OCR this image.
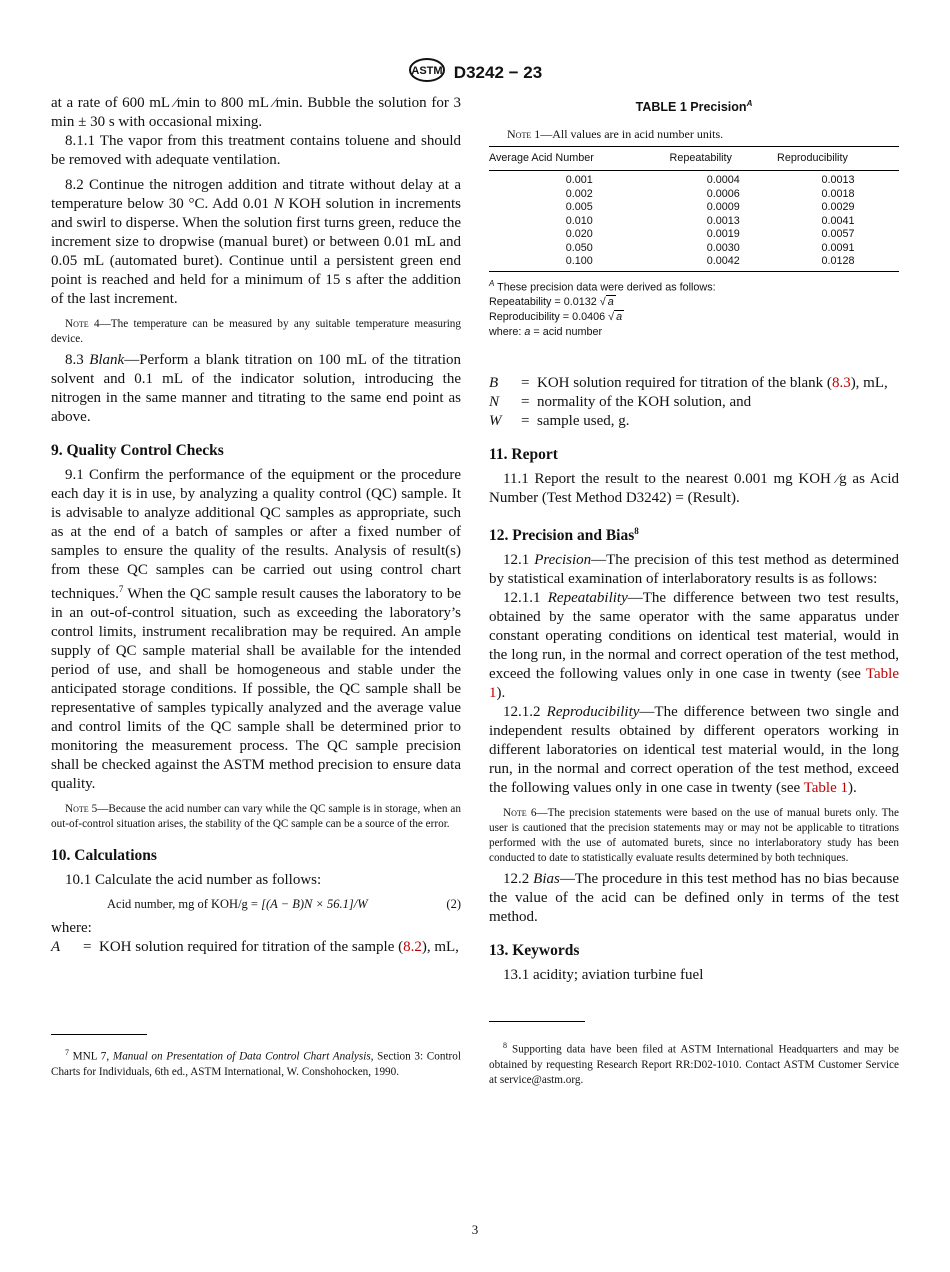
ASTM D3242 − 23

at a rate of 600 mL ⁄min to 800 mL ⁄min. Bubble the solution for 3 min ± 30 s with occasional mixing.

8.1.1 The vapor from this treatment contains toluene and should be removed with adequate ventilation.

8.2 Continue the nitrogen addition and titrate without delay at a temperature below 30 °C. Add 0.01 N KOH solution in increments and swirl to disperse. When the solution first turns green, reduce the increment size to dropwise (manual buret) or between 0.01 mL and 0.05 mL (automated buret). Continue until a persistent green end point is reached and held for a minimum of 15 s after the addition of the last increment.

Note 4—The temperature can be measured by any suitable temperature measuring device.

8.3 Blank—Perform a blank titration on 100 mL of the titration solvent and 0.1 mL of the indicator solution, introducing the nitrogen in the same manner and titrating to the same end point as above.

9. Quality Control Checks

9.1 Confirm the performance of the equipment or the procedure each day it is in use, by analyzing a quality control (QC) sample. It is advisable to analyze additional QC samples as appropriate, such as at the end of a batch of samples or after a fixed number of samples to ensure the quality of the results. Analysis of result(s) from these QC samples can be carried out using control chart techniques.$^7$ When the QC sample result causes the laboratory to be in an out-of-control situation, such as exceeding the laboratory’s control limits, instrument recalibration may be required. An ample supply of QC sample material shall be available for the intended period of use, and shall be homogeneous and stable under the anticipated storage conditions. If possible, the QC sample shall be representative of samples typically analyzed and the average value and control limits of the QC sample shall be determined prior to monitoring the measurement process. The QC sample precision shall be checked against the ASTM method precision to ensure data quality.

Note 5—Because the acid number can vary while the QC sample is in storage, when an out-of-control situation arises, the stability of the QC sample can be a source of the error.

10. Calculations

10.1 Calculate the acid number as follows:

Acid number, mg of KOH/g = [(A − B)N × 56.1]/W	(2)

where:

A	= KOH solution required for titration of the sample (8.2), mL,

$^7$ MNL 7, Manual on Presentation of Data Control Chart Analysis, Section 3: Control Charts for Individuals, 6th ed., ASTM International, W. Conshohocken, 1990.

TABLE 1 Precision$^A$
Note 1—All values are in acid number units.
Average Acid Number	Repeatability	Reproducibility
0.001	0.0004	0.0013
0.002	0.0006	0.0018
0.005	0.0009	0.0029
0.010	0.0013	0.0041
0.020	0.0019	0.0057
0.050	0.0030	0.0091
0.100	0.0042	0.0128
$^A$ These precision data were derived as follows:
Repeatability = 0.0132 √ a
Reproducibility = 0.0406 √ a
where: a = acid number
B	= KOH solution required for titration of the blank (8.3), mL,
N	= normality of the KOH solution, and
W	= sample used, g.
11. Report

11.1 Report the result to the nearest 0.001 mg KOH ⁄g as Acid Number (Test Method D3242) = (Result).

12. Precision and Bias$^8$

12.1 Precision—The precision of this test method as determined by statistical examination of interlaboratory results is as follows:

12.1.1 Repeatability—The difference between two test results, obtained by the same operator with the same apparatus under constant operating conditions on identical test material, would in the long run, in the normal and correct operation of the test method, exceed the following values only in one case in twenty (see Table 1).

12.1.2 Reproducibility—The difference between two single and independent results obtained by different operators working in different laboratories on identical test material would, in the long run, in the normal and correct operation of the test method, exceed the following values only in one case in twenty (see Table 1).

Note 6—The precision statements were based on the use of manual burets only. The user is cautioned that the precision statements may or may not be applicable to titrations performed with the use of automated burets, since no interlaboratory study has been conducted to date to statistically evaluate results determined by both techniques.

12.2 Bias—The procedure in this test method has no bias because the value of the acid can be defined only in terms of the test method.

13. Keywords

13.1 acidity; aviation turbine fuel

$^8$ Supporting data have been filed at ASTM International Headquarters and may be obtained by requesting Research Report RR:D02-1010. Contact ASTM Customer Service at service@astm.org.

3
